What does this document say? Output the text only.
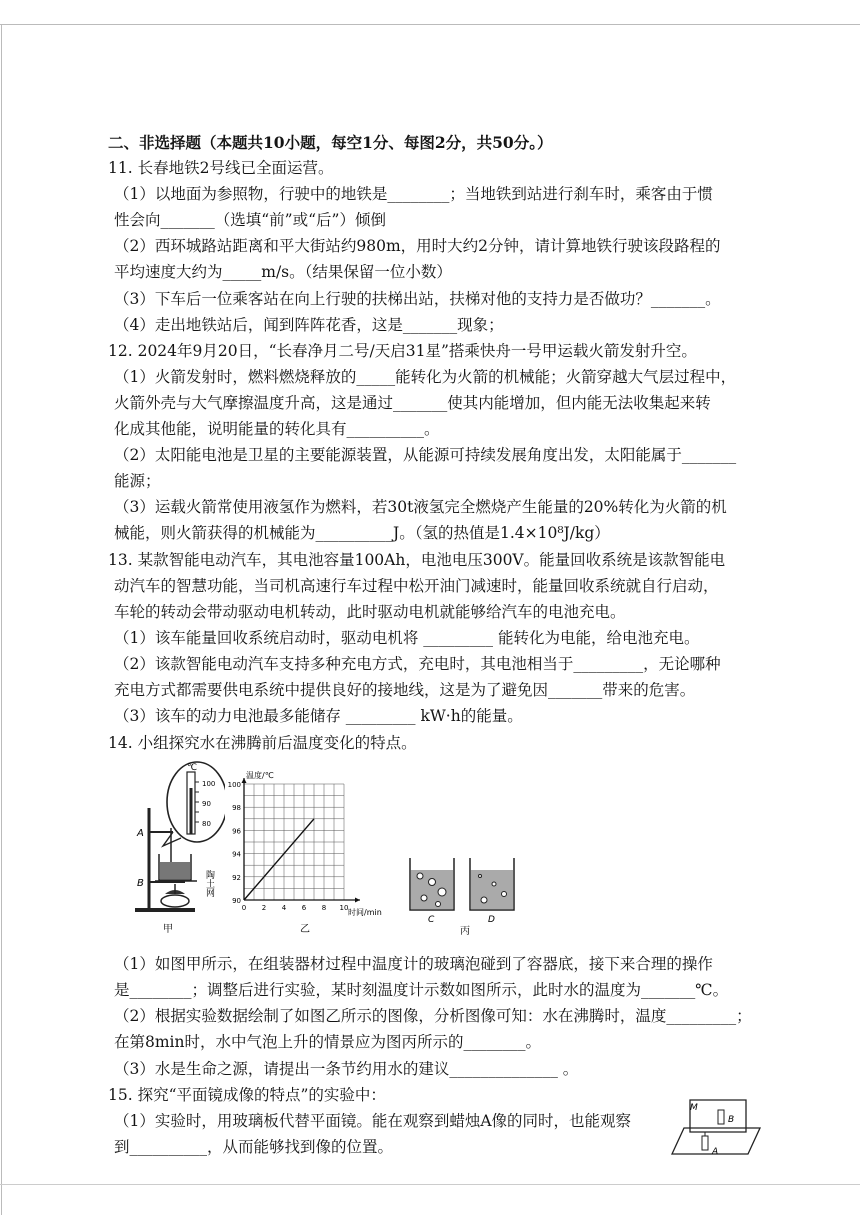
二、非选择题（本题共10小题，每空1分、每图2分，共50分。）
11. 长春地铁2号线已全面运营。
（1）以地面为参照物，行驶中的地铁是________；当地铁到站进行刹车时，乘客由于惯
性会向_______（选填“前”或“后”）倾倒
（2）西环城路站距离和平大街站约980m，用时大约2分钟，请计算地铁行驶该段路程的
平均速度大约为_____m/s。（结果保留一位小数）
（3）下车后一位乘客站在向上行驶的扶梯出站，扶梯对他的支持力是否做功？_______。
（4）走出地铁站后，闻到阵阵花香，这是_______现象；
12. 2024年9月20日，“长春净月二号/天启31星”搭乘快舟一号甲运载火箭发射升空。
（1）火箭发射时，燃料燃烧释放的_____能转化为火箭的机械能；火箭穿越大气层过程中，
火箭外壳与大气摩擦温度升高，这是通过_______使其内能增加，但内能无法收集起来转
化成其他能，说明能量的转化具有__________。
（2）太阳能电池是卫星的主要能源装置，从能源可持续发展角度出发，太阳能属于_______
能源；
（3）运载火箭常使用液氢作为燃料，若30t液氢完全燃烧产生能量的20%转化为火箭的机
械能，则火箭获得的机械能为__________J。（氢的热值是1.4×10⁸J/kg）
13. 某款智能电动汽车，其电池容量100Ah，电池电压300V。能量回收系统是该款智能电
动汽车的智慧功能，当司机高速行车过程中松开油门减速时，能量回收系统就自行启动，
车轮的转动会带动驱动电机转动，此时驱动电机就能够给汽车的电池充电。
（1）该车能量回收系统启动时，驱动电机将 _________ 能转化为电能，给电池充电。
（2）该款智能电动汽车支持多种充电方式，充电时，其电池相当于_________，无论哪种
充电方式都需要供电系统中提供良好的接地线，这是为了避免因_______带来的危害。
（3）该车的动力电池最多能储存 _________ kW·h的能量。
14. 小组探究水在沸腾前后温度变化的特点。
℃
100
90
80
A
B	陶土网
甲
90
92
94
96
98
100
0 2 4 6 8 10
温度/℃
时间/min
乙
C	D
丙
（1）如图甲所示，在组装器材过程中温度计的玻璃泡碰到了容器底，接下来合理的操作
是________；调整后进行实验，某时刻温度计示数如图所示，此时水的温度为_______℃。
（2）根据实验数据绘制了如图乙所示的图像，分析图像可知：水在沸腾时，温度_________；
在第8min时，水中气泡上升的情景应为图丙所示的________。
（3）水是生命之源，请提出一条节约用水的建议______________ 。
15. 探究“平面镜成像的特点”的实验中：
（1）实验时，用玻璃板代替平面镜。能在观察到蜡烛A像的同时，也能观察
到__________，从而能够找到像的位置。
M
B
A
